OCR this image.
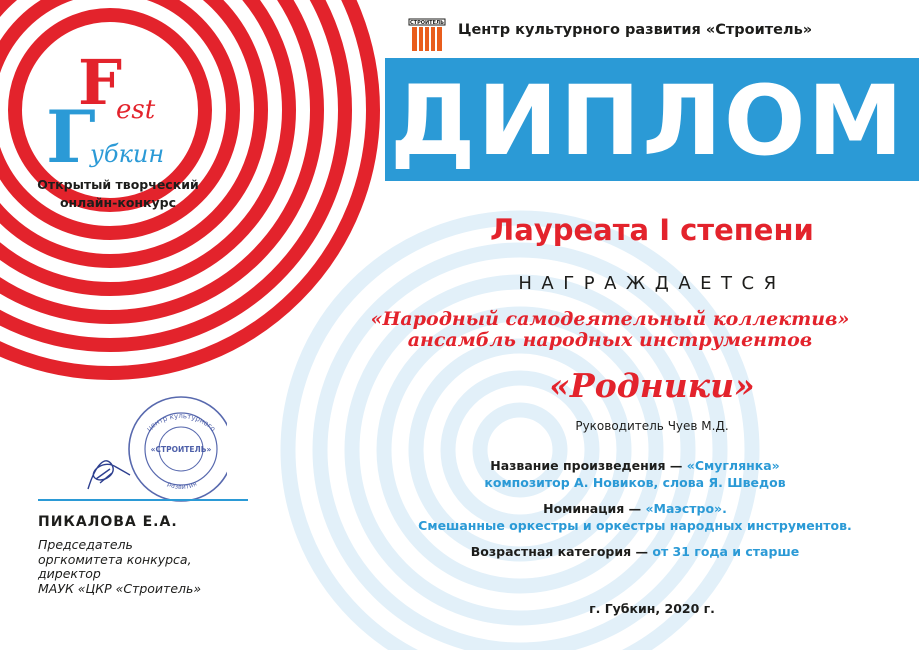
СТРОИТЕЛЬ Центр культурного развития «Строитель»
ДИПЛОМ
F
est
Г
убкин
Открытый творческий
онлайн-конкурс
Лауреата I степени
НАГРАЖДАЕТСЯ
«Народный самодеятельный коллектив»
ансамбль народных инструментов
«Родники»
Руководитель Чуев М.Д.
Название произведения — «Смуглянка»
композитор А. Новиков, слова Я. Шведов
Номинация — «Маэстро».
Смешанные оркестры и оркестры народных инструментов.
Возрастная категория — от 31 года и старше
г. Губкин, 2020 г.
центр культурного
развития
«СТРОИТЕЛЬ»
ПИКАЛОВА Е.А.
Председатель
оргкомитета конкурса,
директор
МАУК «ЦКР «Строитель»
